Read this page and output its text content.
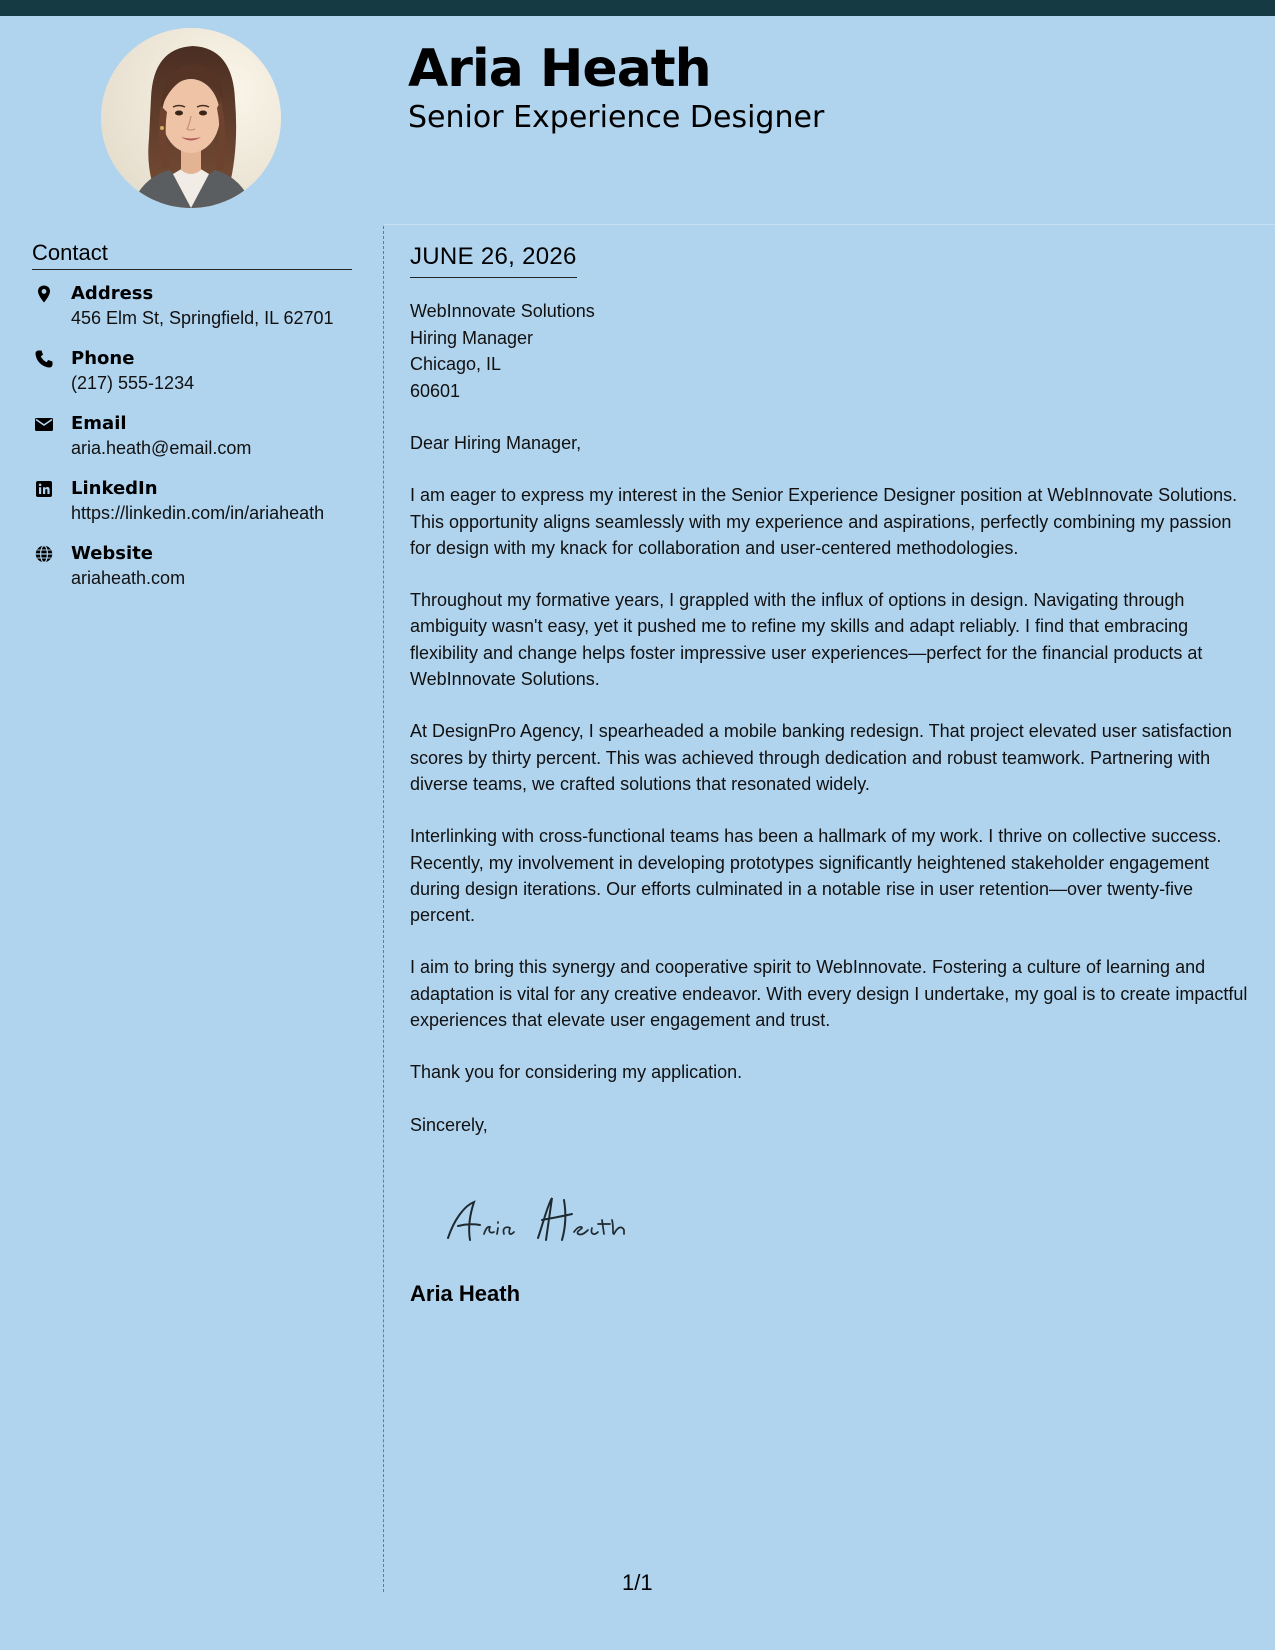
Aria Heath
Senior Experience Designer
Contact
Address
456 Elm St, Springfield, IL 62701
Phone
(217) 555-1234
Email
aria.heath@email.com
LinkedIn
https://linkedin.com/in/ariaheath
Website
ariaheath.com
JUNE 26, 2026
WebInnovate Solutions
Hiring Manager
Chicago, IL
60601

Dear Hiring Manager,

I am eager to express my interest in the Senior Experience Designer position at WebInnovate Solutions. This opportunity aligns seamlessly with my experience and aspirations, perfectly combining my passion for design with my knack for collaboration and user-centered methodologies.

Throughout my formative years, I grappled with the influx of options in design. Navigating through ambiguity wasn't easy, yet it pushed me to refine my skills and adapt reliably. I find that embracing flexibility and change helps foster impressive user experiences—perfect for the financial products at WebInnovate Solutions.

At DesignPro Agency, I spearheaded a mobile banking redesign. That project elevated user satisfaction scores by thirty percent. This was achieved through dedication and robust teamwork. Partnering with diverse teams, we crafted solutions that resonated widely.

Interlinking with cross-functional teams has been a hallmark of my work. I thrive on collective success. Recently, my involvement in developing prototypes significantly heightened stakeholder engagement during design iterations. Our efforts culminated in a notable rise in user retention—over twenty-five percent.

I aim to bring this synergy and cooperative spirit to WebInnovate. Fostering a culture of learning and adaptation is vital for any creative endeavor. With every design I undertake, my goal is to create impactful experiences that elevate user engagement and trust.

Thank you for considering my application.

Sincerely,

Aria Heath
1/1
